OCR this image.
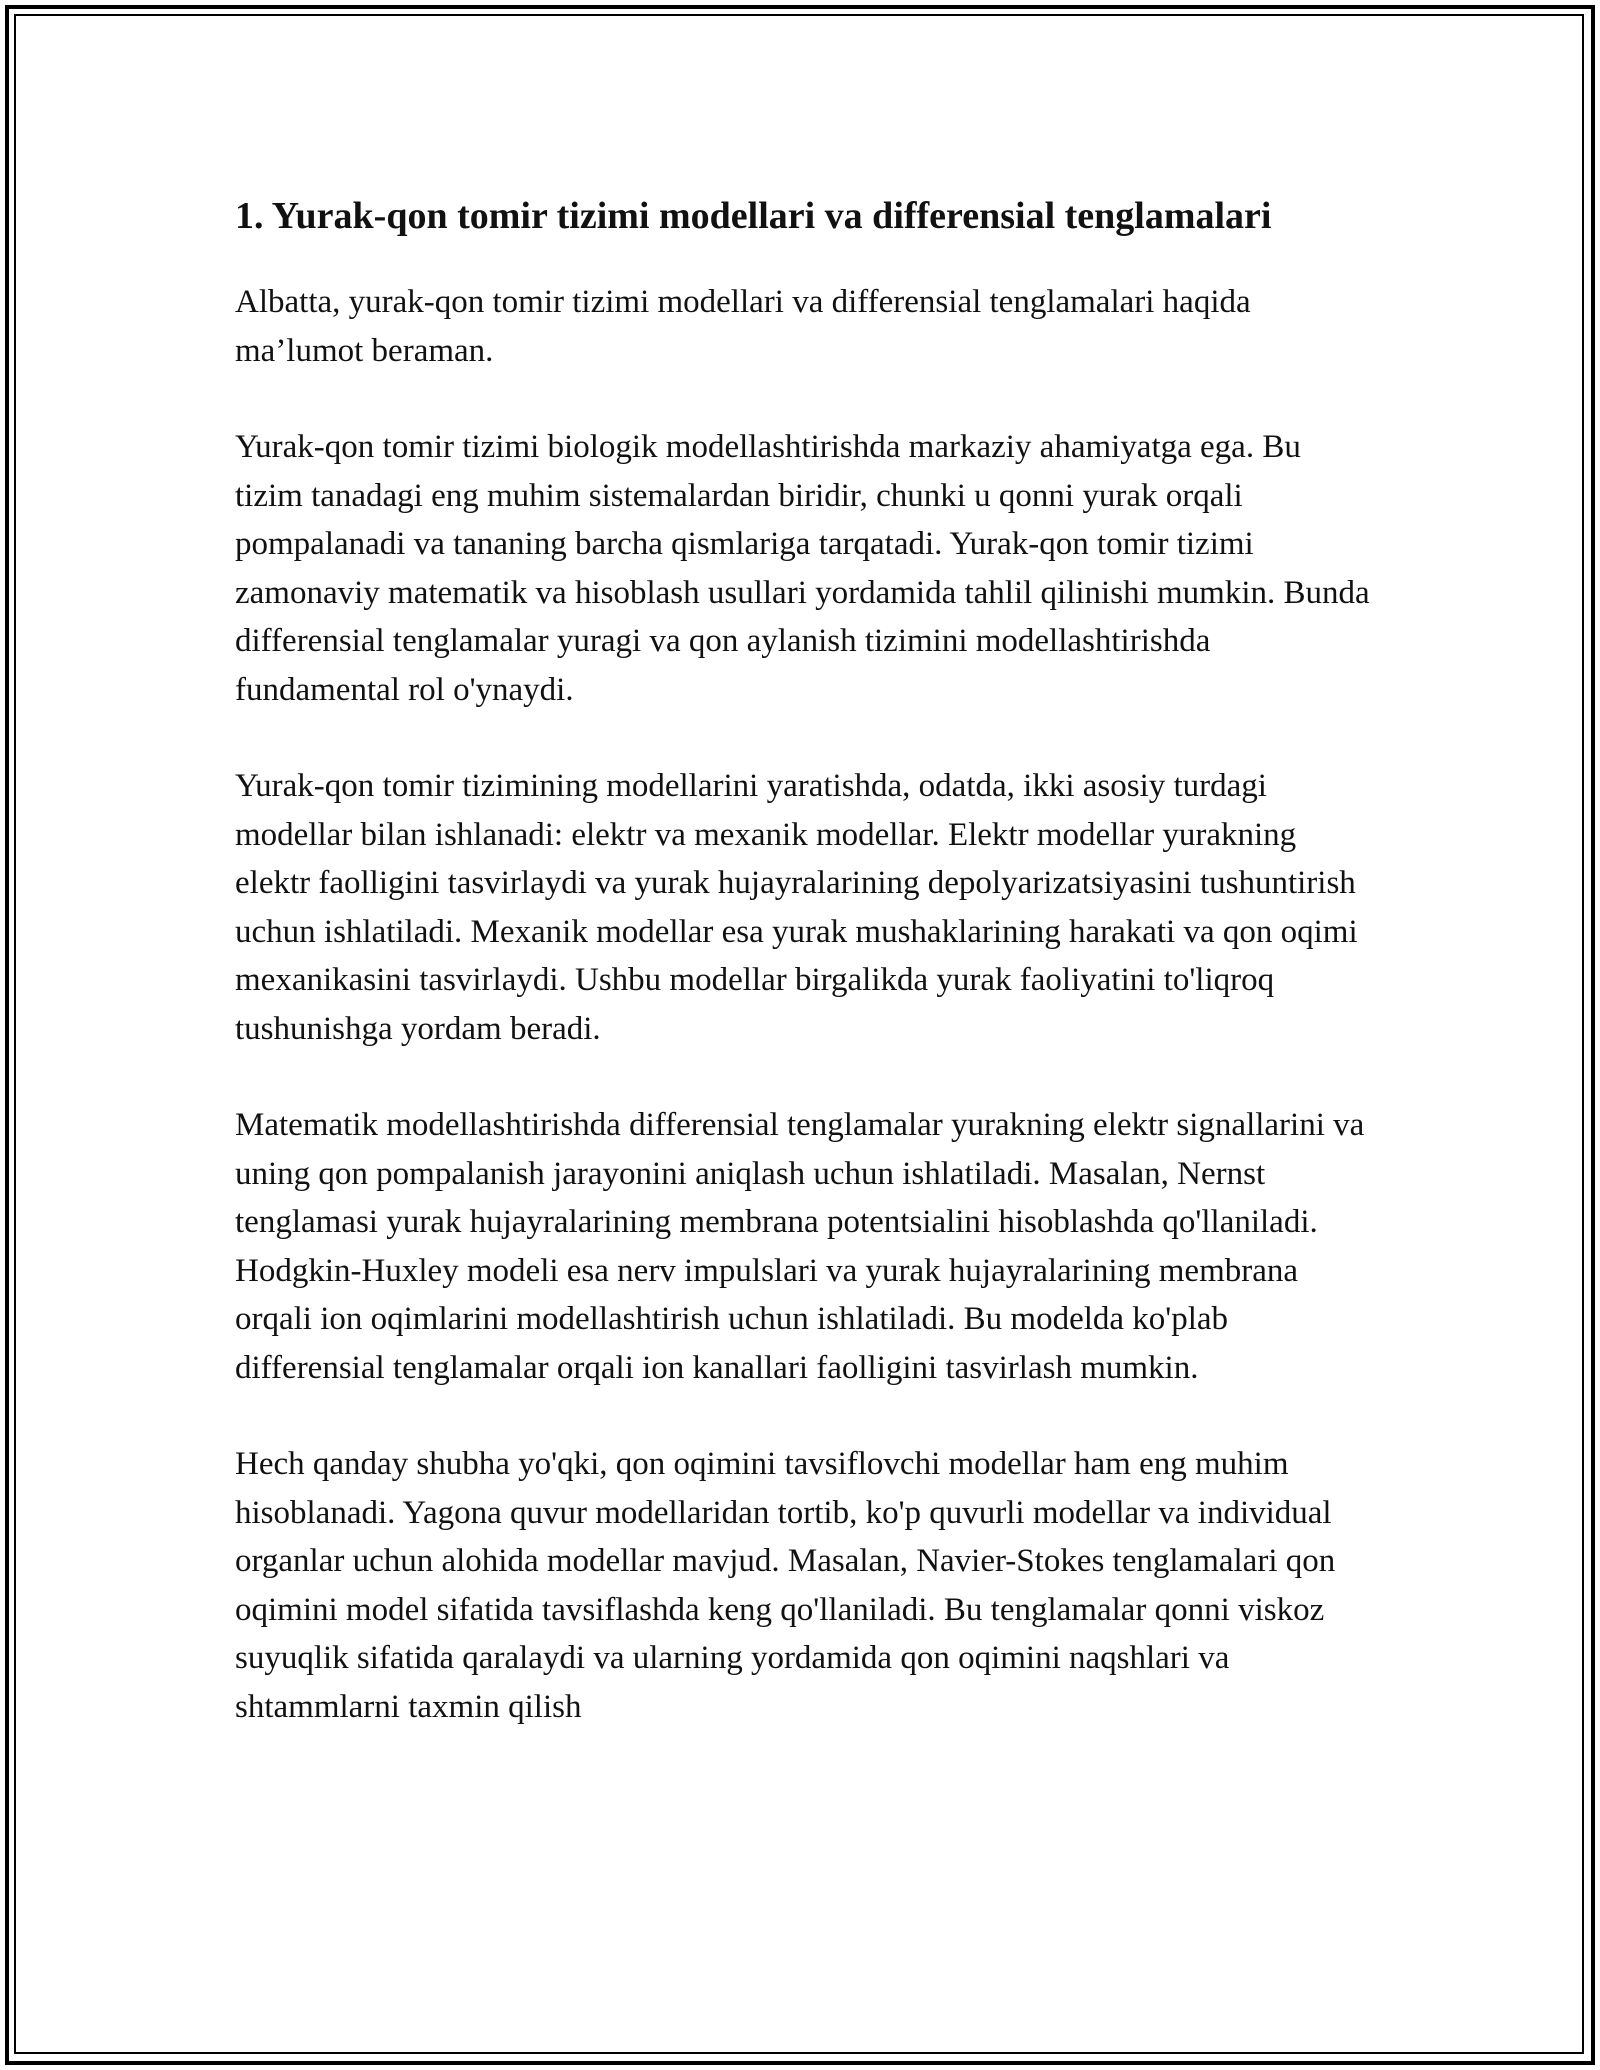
1. Yurak-qon tomir tizimi modellari va differensial tenglamalari

Albatta, yurak-qon tomir tizimi modellari va differensial tenglamalari haqida ma’lumot beraman.

Yurak-qon tomir tizimi biologik modellashtirishda markaziy ahamiyatga ega. Bu tizim tanadagi eng muhim sistemalardan biridir, chunki u qonni yurak orqali pompalanadi va tananing barcha qismlariga tarqatadi. Yurak-qon tomir tizimi zamonaviy matematik va hisoblash usullari yordamida tahlil qilinishi mumkin. Bunda differensial tenglamalar yuragi va qon aylanish tizimini modellashtirishda fundamental rol o'ynaydi.

Yurak-qon tomir tizimining modellarini yaratishda, odatda, ikki asosiy turdagi modellar bilan ishlanadi: elektr va mexanik modellar. Elektr modellar yurakning elektr faolligini tasvirlaydi va yurak hujayralarining depolyarizatsiyasini tushuntirish uchun ishlatiladi. Mexanik modellar esa yurak mushaklarining harakati va qon oqimi mexanikasini tasvirlaydi. Ushbu modellar birgalikda yurak faoliyatini to'liqroq tushunishga yordam beradi.

Matematik modellashtirishda differensial tenglamalar yurakning elektr signallarini va uning qon pompalanish jarayonini aniqlash uchun ishlatiladi. Masalan, Nernst tenglamasi yurak hujayralarining membrana potentsialini hisoblashda qo'llaniladi. Hodgkin-Huxley modeli esa nerv impulslari va yurak hujayralarining membrana orqali ion oqimlarini modellashtirish uchun ishlatiladi. Bu modelda ko'plab differensial tenglamalar orqali ion kanallari faolligini tasvirlash mumkin.

Hech qanday shubha yo'qki, qon oqimini tavsiflovchi modellar ham eng muhim hisoblanadi. Yagona quvur modellaridan tortib, ko'p quvurli modellar va individual organlar uchun alohida modellar mavjud. Masalan, Navier-Stokes tenglamalari qon oqimini model sifatida tavsiflashda keng qo'llaniladi. Bu tenglamalar qonni viskoz suyuqlik sifatida qaralaydi va ularning yordamida qon oqimini naqshlari va shtammlarni taxmin qilish
